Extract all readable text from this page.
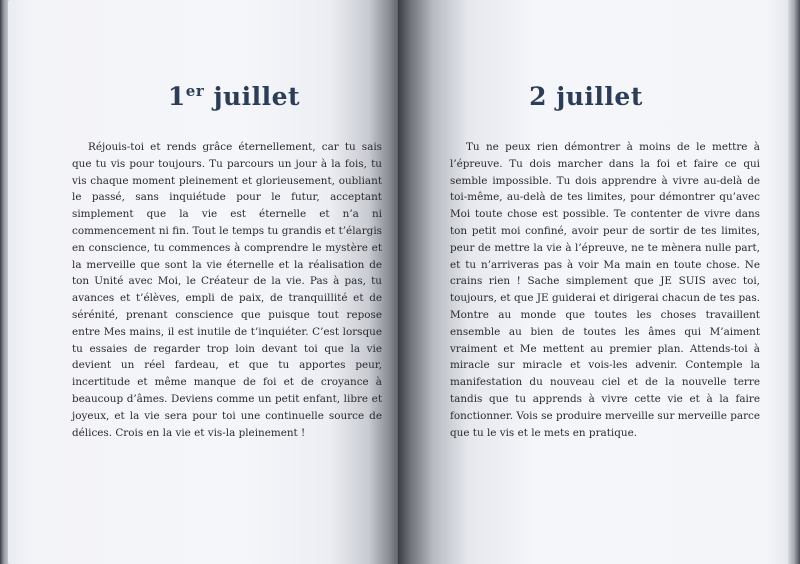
1er juillet

Réjouis-toi et rends grâce éternellement, car tu sais que tu vis pour toujours. Tu parcours un jour à la fois, tu vis chaque moment pleinement et glorieusement, oubliant le passé, sans inquiétude pour le futur, acceptant simplement que la vie est éternelle et n’a ni commencement ni fin. Tout le temps tu grandis et t’élargis en conscience, tu commences à comprendre le mystère et la merveille que sont la vie éternelle et la réalisation de ton Unité avec Moi, le Créateur de la vie. Pas à pas, tu avances et t’élèves, empli de paix, de tranquillité et de sérénité, prenant conscience que puisque tout repose entre Mes mains, il est inutile de t’inquiéter. C’est lorsque tu essaies de regarder trop loin devant toi que la vie devient un réel fardeau, et que tu apportes peur, incertitude et même manque de foi et de croyance à beaucoup d’âmes. Deviens comme un petit enfant, libre et joyeux, et la vie sera pour toi une continuelle source de délices. Crois en la vie et vis-la pleinement !

2 juillet

Tu ne peux rien démontrer à moins de le mettre à l’épreuve. Tu dois marcher dans la foi et faire ce qui semble impossible. Tu dois apprendre à vivre au-delà de toi-même, au-delà de tes limites, pour démontrer qu’avec Moi toute chose est possible. Te contenter de vivre dans ton petit moi confiné, avoir peur de sortir de tes limites, peur de mettre la vie à l’épreuve, ne te mènera nulle part, et tu n’arriveras pas à voir Ma main en toute chose. Ne crains rien ! Sache simplement que JE SUIS avec toi, toujours, et que JE guiderai et dirigerai chacun de tes pas. Montre au monde que toutes les choses travaillent ensemble au bien de toutes les âmes qui M’aiment vraiment et Me mettent au premier plan. Attends-toi à miracle sur miracle et vois-les advenir. Contemple la manifestation du nouveau ciel et de la nouvelle terre tandis que tu apprends à vivre cette vie et à la faire fonctionner. Vois se produire merveille sur merveille parce que tu le vis et le mets en pratique.
